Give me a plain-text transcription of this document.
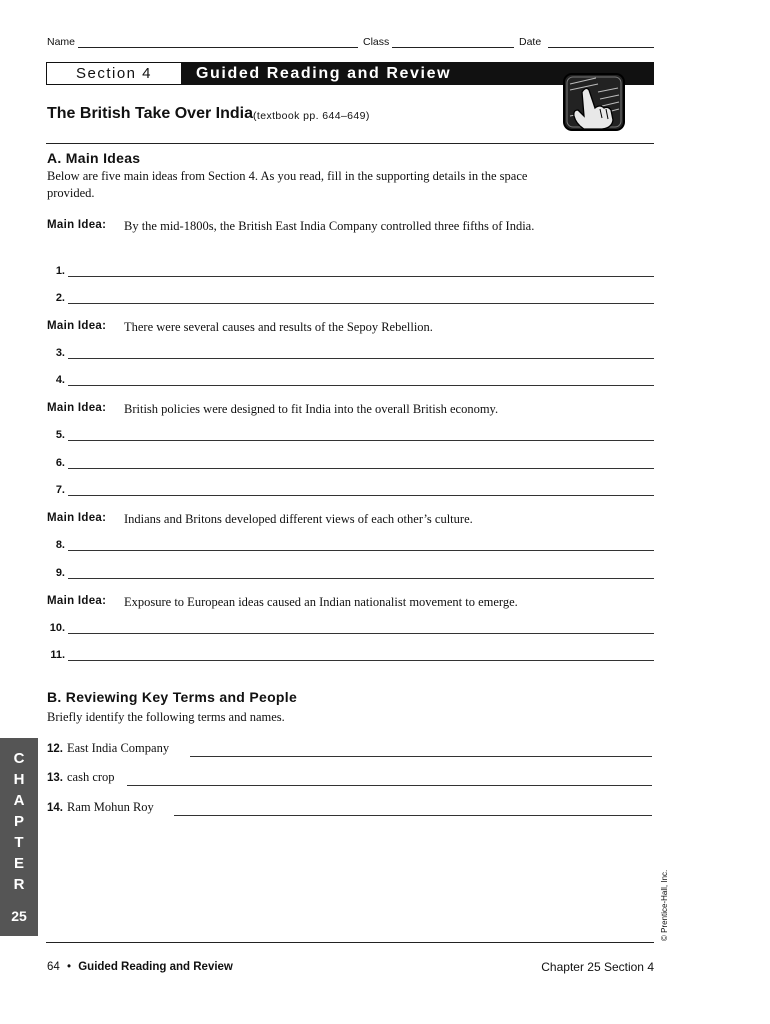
Name	Class	Date
Section 4	Guided Reading and Review
The British Take Over India (textbook pp. 644–649)
A. Main Ideas
Below are five main ideas from Section 4. As you read, fill in the supporting details in the space provided.
Main Idea: By the mid-1800s, the British East India Company controlled three fifths of India.
1.
2.
Main Idea: There were several causes and results of the Sepoy Rebellion.
3.
4.
Main Idea: British policies were designed to fit India into the overall British economy.
5.
6.
7.
Main Idea: Indians and Britons developed different views of each other’s culture.
8.
9.
Main Idea: Exposure to European ideas caused an Indian nationalist movement to emerge.
10.
11.
B. Reviewing Key Terms and People
Briefly identify the following terms and names.
12. East India Company
13. cash crop
14. Ram Mohun Roy
C
H
A
P
T
E
R
25	© Prentice-Hall, Inc.
64 • Guided Reading and Review	Chapter 25 Section 4
